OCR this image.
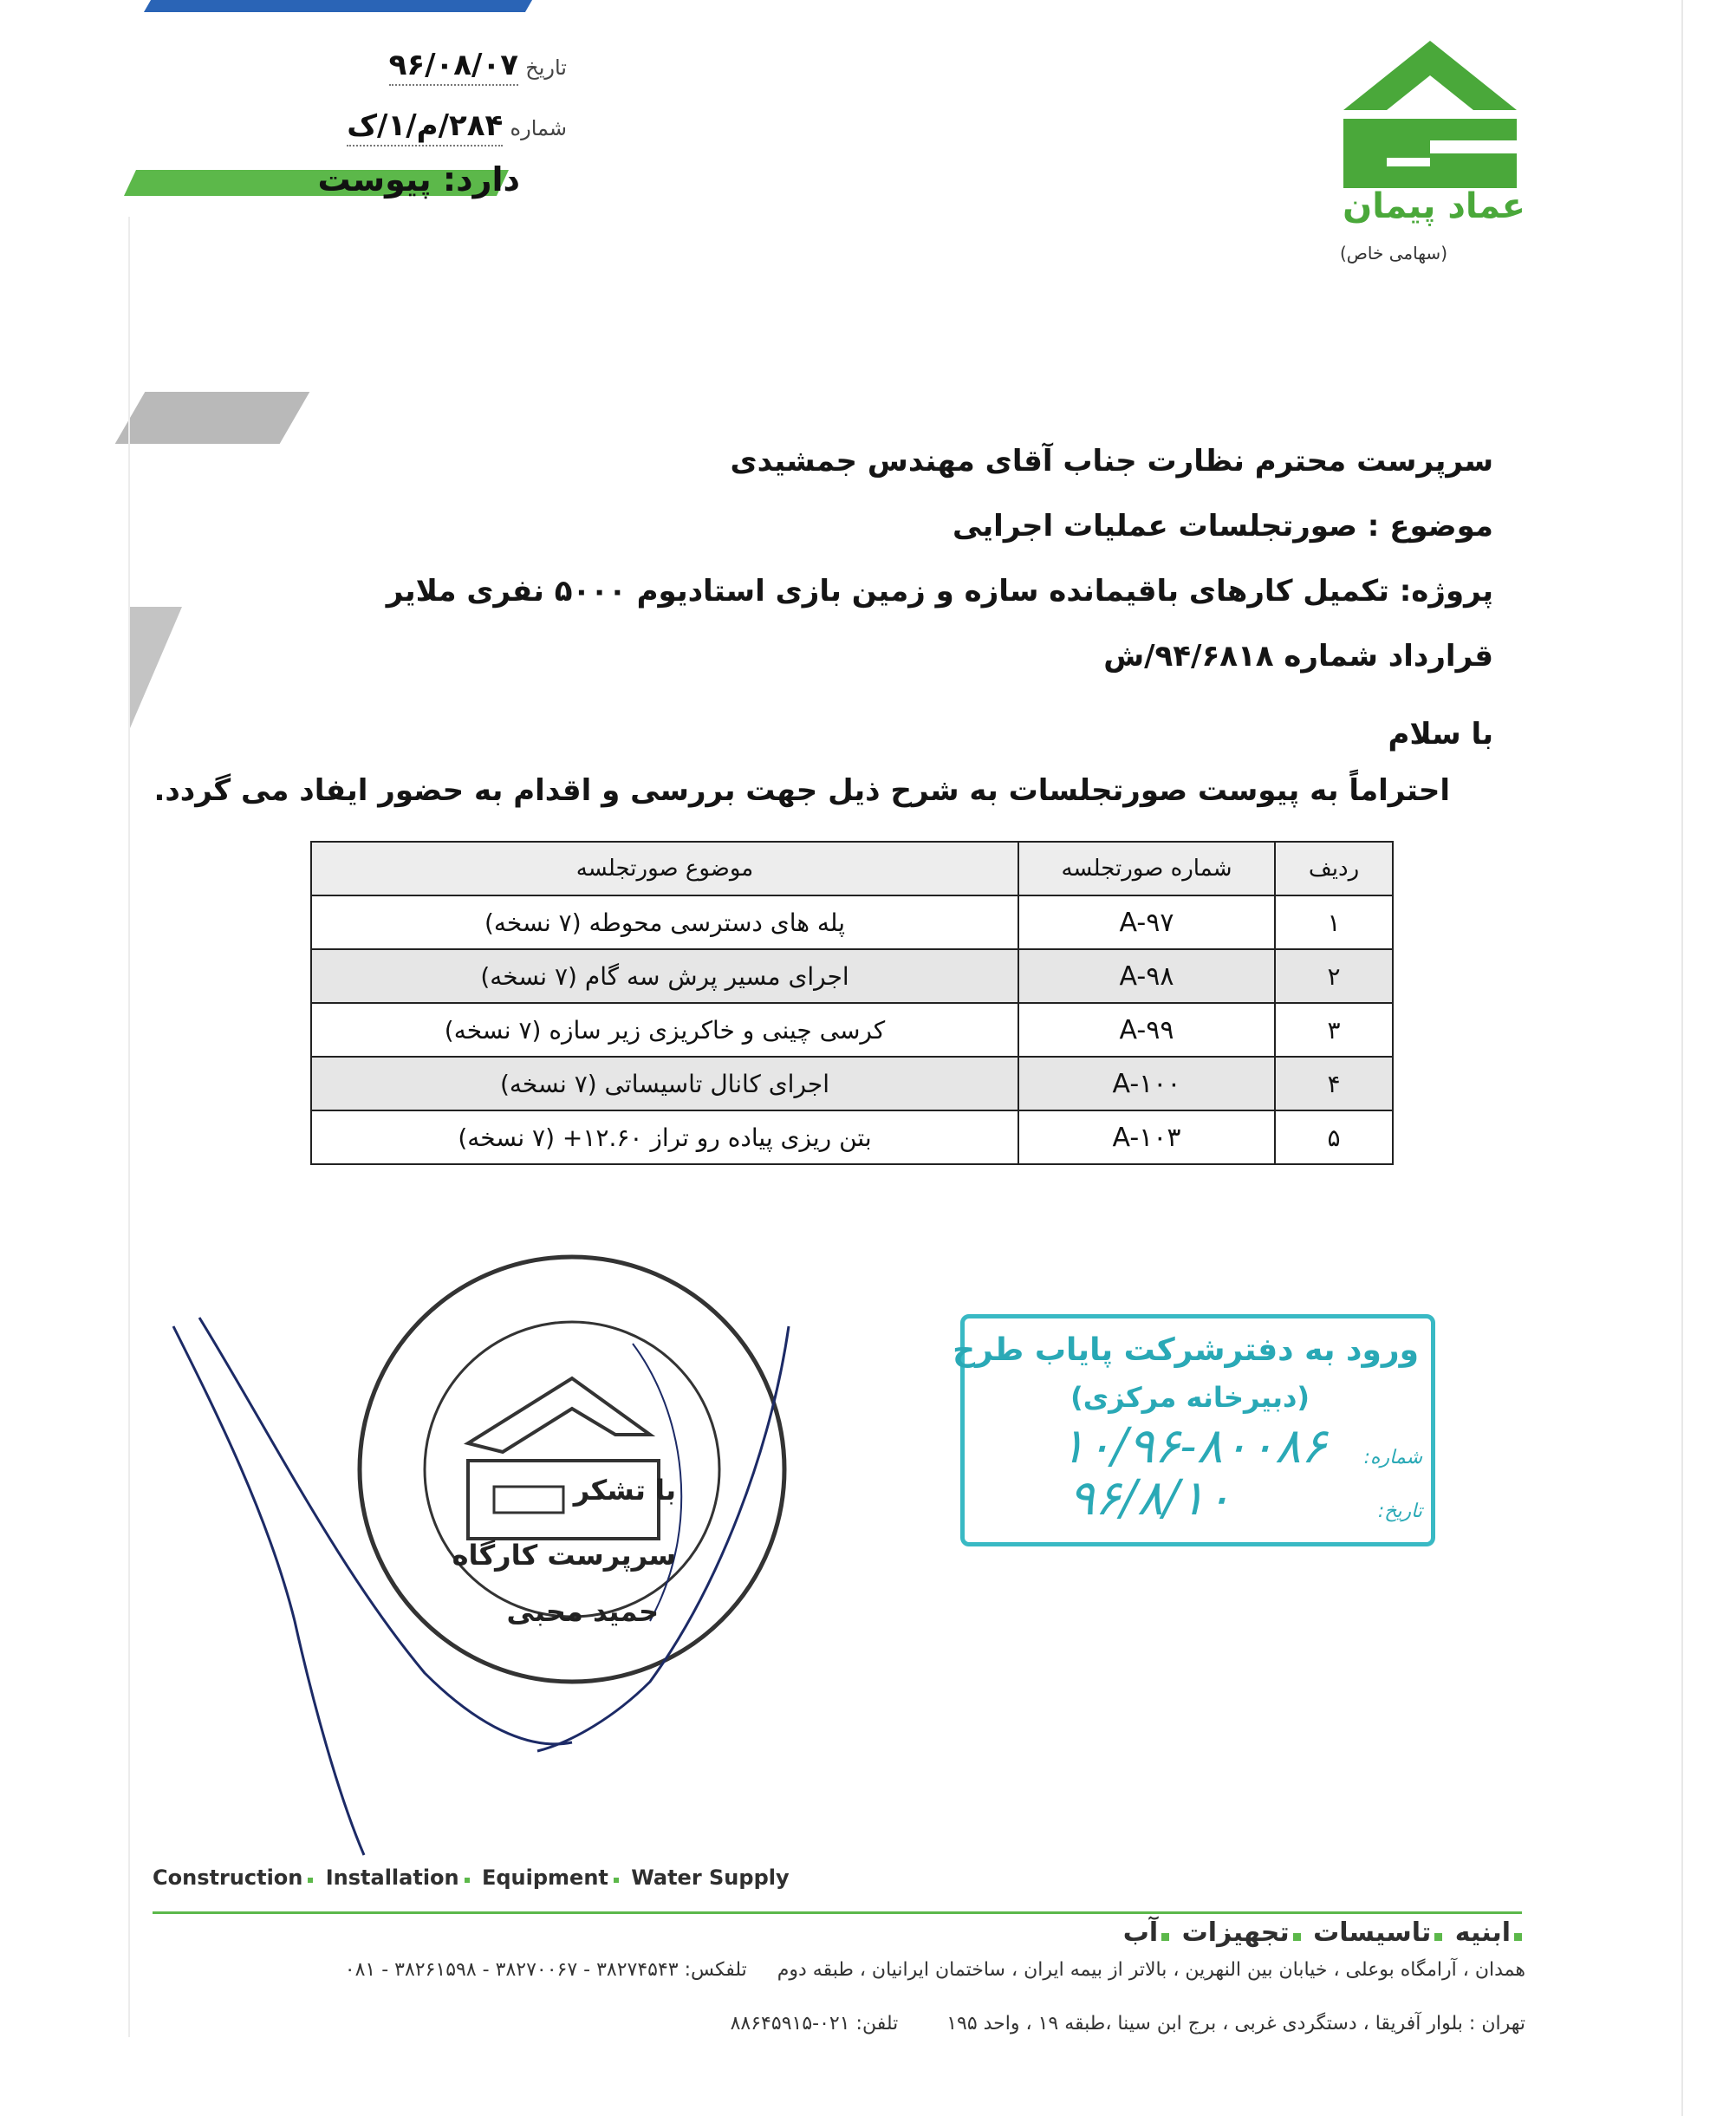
عماد پیمان
(سهامی خاص)
تاریخ ۹۶/۰۸/۰۷
شماره ۲۸۴/م/۱/ک
دارد: پیوست
سرپرست محترم نظارت جناب آقای مهندس جمشیدی
موضوع : صورتجلسات عملیات اجرایی
پروژه: تکمیل کارهای باقیمانده سازه و زمین بازی استادیوم ۵۰۰۰ نفری ملایر
قرارداد شماره ۹۴/۶۸۱۸/ش
با سلام
احتراماً به پیوست صورتجلسات به شرح ذیل جهت بررسی و اقدام به حضور ایفاد می گردد.
ردیف	شماره صورتجلسه	موضوع صورتجلسه
۱	A-۹۷	پله های دسترسی محوطه (۷ نسخه)
۲	A-۹۸	اجرای مسیر پرش سه گام (۷ نسخه)
۳	A-۹۹	کرسی چینی و خاکریزی زیر سازه (۷ نسخه)
۴	A-۱۰۰	اجرای کانال تاسیساتی (۷ نسخه)
۵	A-۱۰۳	بتن ریزی پیاده رو تراز ۱۲.۶۰+ (۷ نسخه)
با تشکر
سرپرست کارگاه
حمید محبی
ورود به دفترشرکت پایاب طرح
(دبیرخانه مرکزی)
شماره:
۱۰/۹۶-۸۰۰۸۶
تاریخ:
۹۶/۸/۱۰
Construction Installation Equipment Water Supply
ابنیه تاسیسات تجهیزات آب
همدان ، آرامگاه بوعلی ، خیابان بین النهرین ، بالاتر از بیمه ایران ، ساختمان ایرانیان ، طبقه دوم     تلفکس: ۳۸۲۷۴۵۴۳ - ۳۸۲۷۰۰۶۷ - ۳۸۲۶۱۵۹۸ - ۰۸۱
تهران : بلوار آفریقا ، دستگردی غربی ، برج ابن سینا ،طبقه ۱۹ ، واحد ۱۹۵        تلفن: ۰۲۱-۸۸۶۴۵۹۱۵
